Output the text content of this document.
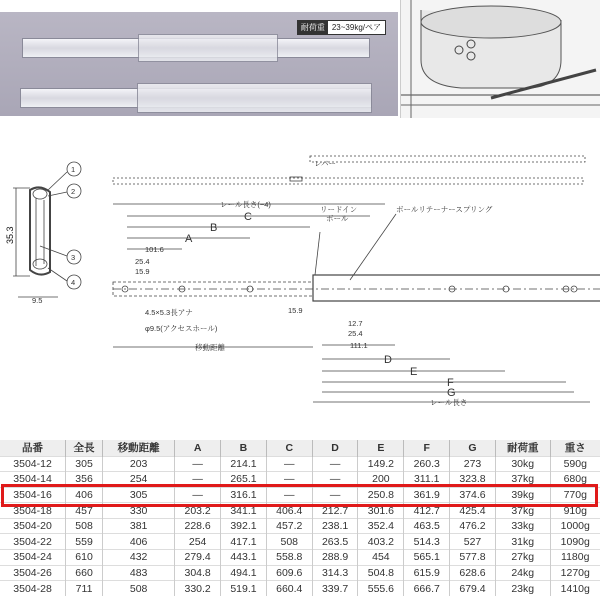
耐荷重 23~39kg/ペア
35.3
9.5
1
2
3
4
レバー
レール長さ(−4)
C
B
A
101.6
25.4
15.9
4.5×5.3長アナ
φ9.5(アクセスホール)
移動距離
15.9
12.7
25.4
111.1
D
E
F
G
レール長さ
リードイン
ボール
ボールリテーナースプリング
品番	全長	移動距離	A	B	C	D	E	F	G	耐荷重	重さ
3504-12	305	203	—	214.1	—	—	149.2	260.3	273	30kg	590g
3504-14	356	254	—	265.1	—	—	200	311.1	323.8	37kg	680g
3504-16	406	305	—	316.1	—	—	250.8	361.9	374.6	39kg	770g
3504-18	457	330	203.2	341.1	406.4	212.7	301.6	412.7	425.4	37kg	910g
3504-20	508	381	228.6	392.1	457.2	238.1	352.4	463.5	476.2	33kg	1000g
3504-22	559	406	254	417.1	508	263.5	403.2	514.3	527	31kg	1090g
3504-24	610	432	279.4	443.1	558.8	288.9	454	565.1	577.8	27kg	1180g
3504-26	660	483	304.8	494.1	609.6	314.3	504.8	615.9	628.6	24kg	1270g
3504-28	711	508	330.2	519.1	660.4	339.7	555.6	666.7	679.4	23kg	1410g
